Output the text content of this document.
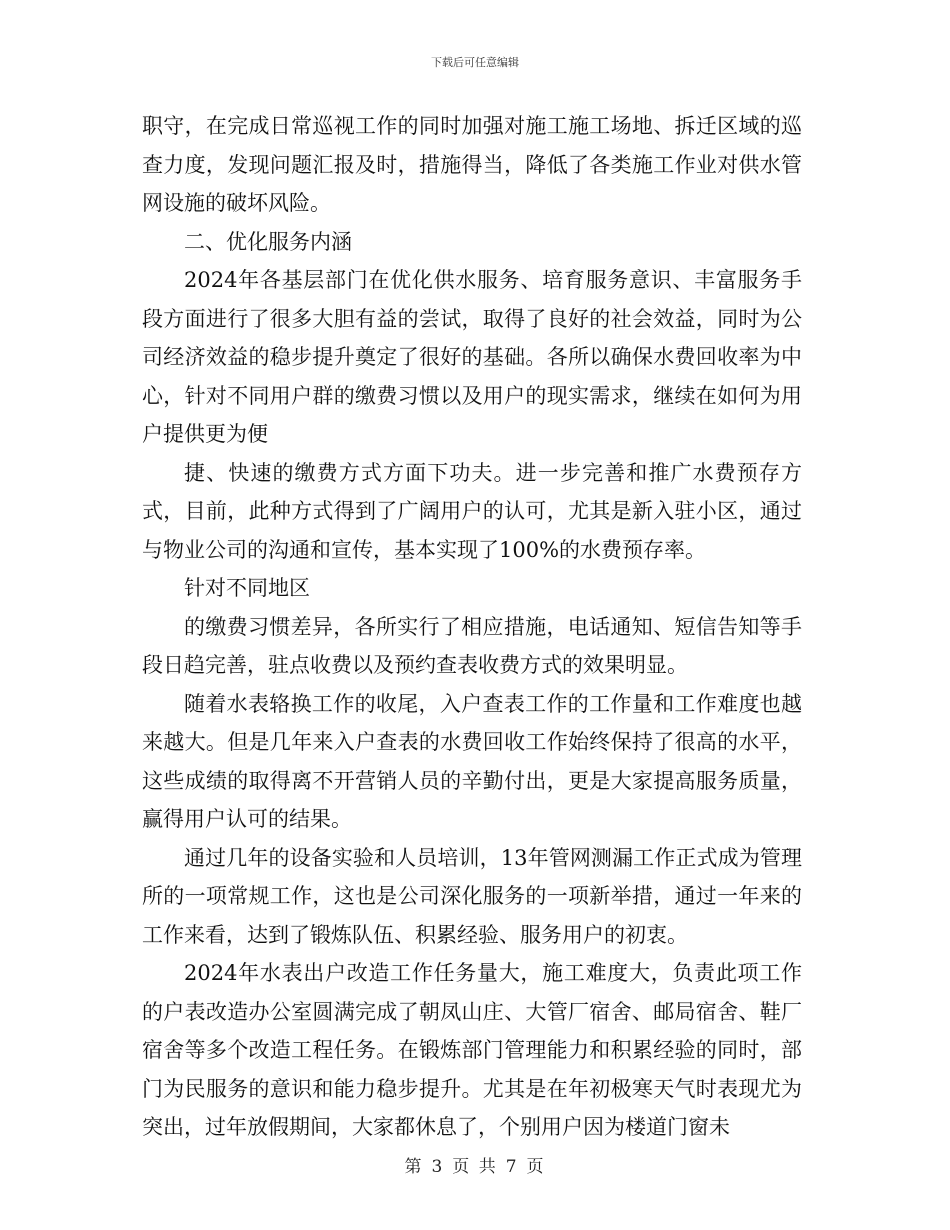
下载后可任意编辑

职守，在完成日常巡视工作的同时加强对施工施工场地、拆迁区域的巡查力度，发现问题汇报及时，措施得当，降低了各类施工作业对供水管网设施的破坏风险。

二、优化服务内涵

2024年各基层部门在优化供水服务、培育服务意识、丰富服务手段方面进行了很多大胆有益的尝试，取得了良好的社会效益，同时为公司经济效益的稳步提升奠定了很好的基础。各所以确保水费回收率为中心，针对不同用户群的缴费习惯以及用户的现实需求，继续在如何为用户提供更为便

捷、快速的缴费方式方面下功夫。进一步完善和推广水费预存方式，目前，此种方式得到了广阔用户的认可，尤其是新入驻小区，通过与物业公司的沟通和宣传，基本实现了100%的水费预存率。

针对不同地区

的缴费习惯差异，各所实行了相应措施，电话通知、短信告知等手段日趋完善，驻点收费以及预约查表收费方式的效果明显。

随着水表辂换工作的收尾，入户查表工作的工作量和工作难度也越来越大。但是几年来入户查表的水费回收工作始终保持了很高的水平，这些成绩的取得离不开营销人员的辛勤付出，更是大家提高服务质量，赢得用户认可的结果。

通过几年的设备实验和人员培训，13年管网测漏工作正式成为管理所的一项常规工作，这也是公司深化服务的一项新举措，通过一年来的工作来看，达到了锻炼队伍、积累经验、服务用户的初衷。

2024年水表出户改造工作任务量大，施工难度大，负责此项工作的户表改造办公室圆满完成了朝凤山庄、大管厂宿舍、邮局宿舍、鞋厂宿舍等多个改造工程任务。在锻炼部门管理能力和积累经验的同时，部门为民服务的意识和能力稳步提升。尤其是在年初极寒天气时表现尤为突出，过年放假期间，大家都休息了，个别用户因为楼道门窗未

第 3 页 共 7 页
